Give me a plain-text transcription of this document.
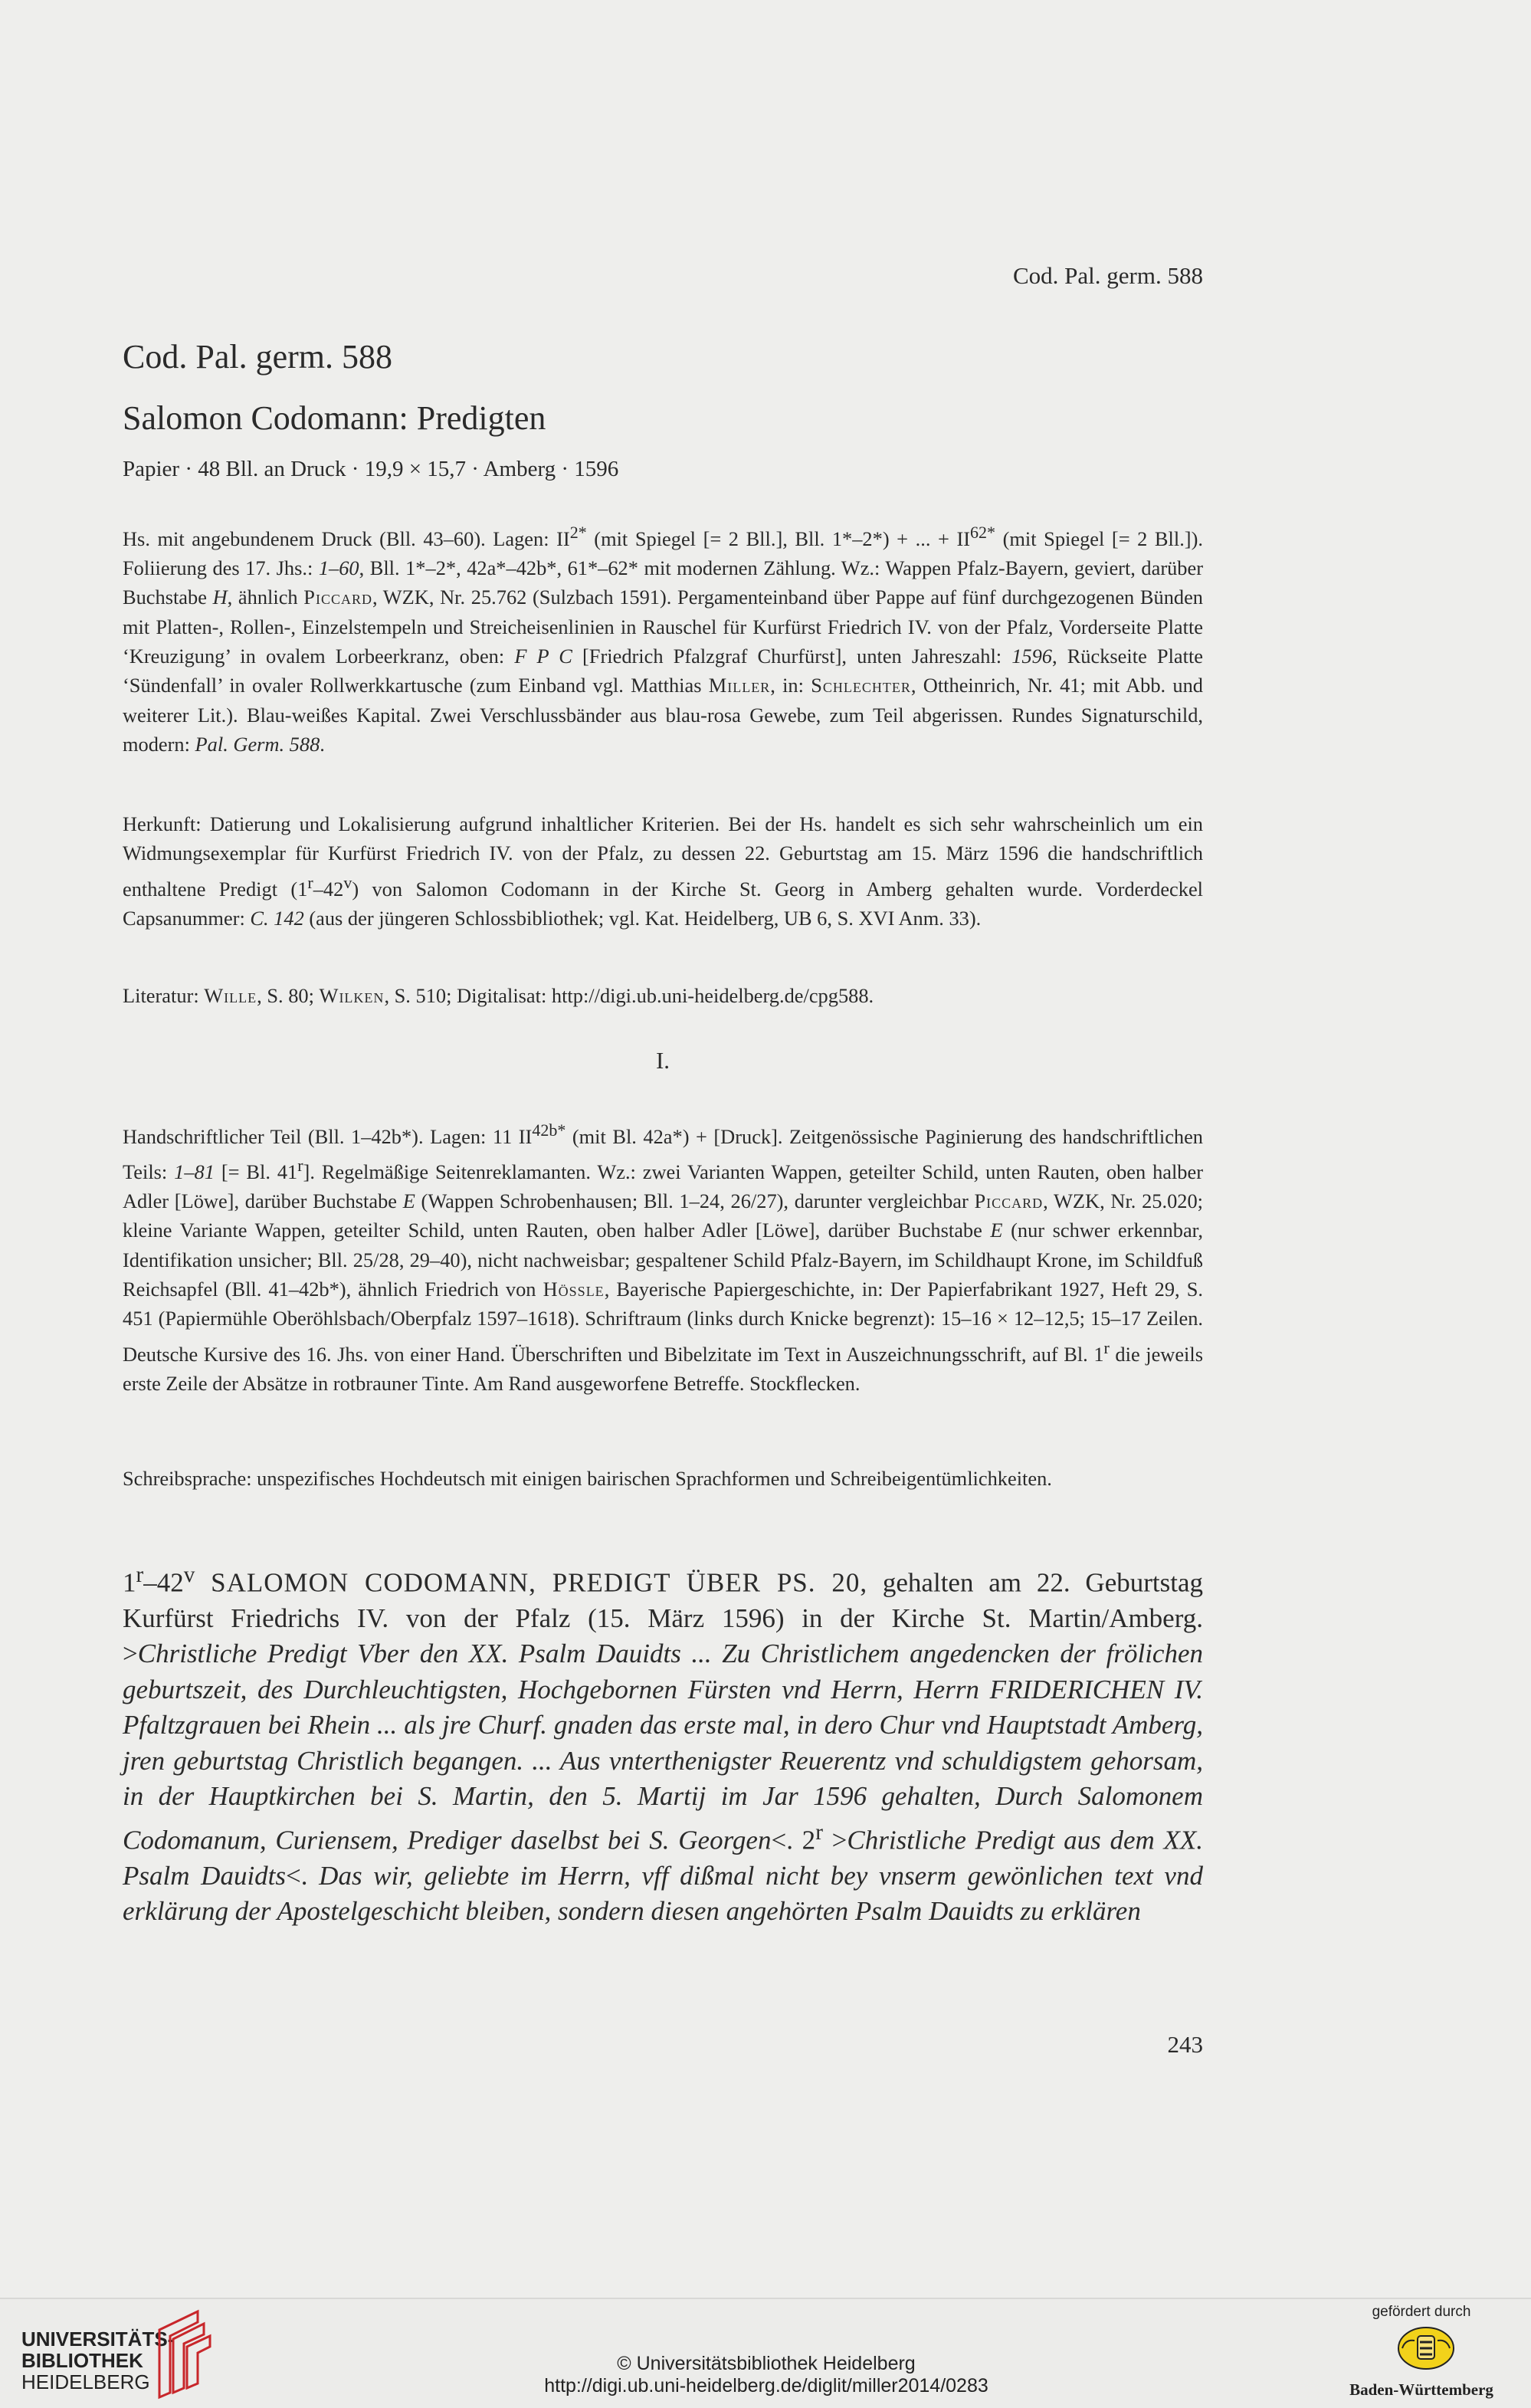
Cod. Pal. germ. 588
Cod. Pal. germ. 588
Salomon Codomann: Predigten
Papier · 48 Bll. an Druck · 19,9 × 15,7 · Amberg · 1596

Hs. mit angebundenem Druck (Bll. 43–60). Lagen: $II^{2*}$ (mit Spiegel [= 2 Bll.], Bll. 1*–2*) + ... + $II^{62*}$ (mit Spiegel [= 2 Bll.]). Foliierung des 17. Jhs.: 1–60, Bll. 1*–2*, 42a*–42b*, 61*–62* mit modernen Zählung. Wz.: Wappen Pfalz-Bayern, geviert, darüber Buchstabe H, ähnlich Piccard, WZK, Nr. 25.762 (Sulzbach 1591). Pergamenteinband über Pappe auf fünf durchgezogenen Bünden mit Platten-, Rollen-, Einzelstempeln und Streicheisenlinien in Rauschel für Kurfürst Friedrich IV. von der Pfalz, Vorderseite Platte ‘Kreuzigung’ in ovalem Lorbeerkranz, oben: F P C [Friedrich Pfalzgraf Churfürst], unten Jahreszahl: 1596, Rückseite Platte ‘Sündenfall’ in ovaler Rollwerkkartusche (zum Einband vgl. Matthias Miller, in: Schlechter, Ottheinrich, Nr. 41; mit Abb. und weiterer Lit.). Blau-weißes Kapital. Zwei Verschlussbänder aus blau-rosa Gewebe, zum Teil abgerissen. Rundes Signaturschild, modern: Pal. Germ. 588.

Herkunft: Datierung und Lokalisierung aufgrund inhaltlicher Kriterien. Bei der Hs. handelt es sich sehr wahrscheinlich um ein Widmungsexemplar für Kurfürst Friedrich IV. von der Pfalz, zu dessen 22. Geburtstag am 15. März 1596 die handschriftlich enthaltene Predigt (1$^r$–42$^v$) von Salomon Codomann in der Kirche St. Georg in Amberg gehalten wurde. Vorderdeckel Capsanummer: C. 142 (aus der jüngeren Schlossbibliothek; vgl. Kat. Heidelberg, UB 6, S. XVI Anm. 33).

Literatur: Wille, S. 80; Wilken, S. 510; Digitalisat: http://digi.ub.uni-heidelberg.de/cpg588.

I.

Handschriftlicher Teil (Bll. 1–42b*). Lagen: 11 $II^{42b*}$ (mit Bl. 42a*) + [Druck]. Zeitgenössische Paginierung des handschriftlichen Teils: 1–81 [= Bl. 41$^r$]. Regelmäßige Seitenreklamanten. Wz.: zwei Varianten Wappen, geteilter Schild, unten Rauten, oben halber Adler [Löwe], darüber Buchstabe E (Wappen Schrobenhausen; Bll. 1–24, 26/27), darunter vergleichbar Piccard, WZK, Nr. 25.020; kleine Variante Wappen, geteilter Schild, unten Rauten, oben halber Adler [Löwe], darüber Buchstabe E (nur schwer erkennbar, Identifikation unsicher; Bll. 25/28, 29–40), nicht nachweisbar; gespaltener Schild Pfalz-Bayern, im Schildhaupt Krone, im Schildfuß Reichsapfel (Bll. 41–42b*), ähnlich Friedrich von Hössle, Bayerische Papiergeschichte, in: Der Papierfabrikant 1927, Heft 29, S. 451 (Papiermühle Oberöhlsbach/Oberpfalz 1597–1618). Schriftraum (links durch Knicke begrenzt): 15–16 × 12–12,5; 15–17 Zeilen. Deutsche Kursive des 16. Jhs. von einer Hand. Überschriften und Bibelzitate im Text in Auszeichnungsschrift, auf Bl. 1$^r$ die jeweils erste Zeile der Absätze in rotbrauner Tinte. Am Rand ausgeworfene Betreffe. Stockflecken.

Schreibsprache: unspezifisches Hochdeutsch mit einigen bairischen Sprachformen und Schreibeigentümlichkeiten.

1$^r$–42$^v$ SALOMON CODOMANN, PREDIGT ÜBER PS. 20, gehalten am 22. Geburtstag Kurfürst Friedrichs IV. von der Pfalz (15. März 1596) in der Kirche St. Martin/Amberg. >Christliche Predigt Vber den XX. Psalm Dauidts ... Zu Christlichem angedencken der frölichen geburtszeit, des Durchleuchtigsten, Hochgebornen Fürsten vnd Herrn, Herrn FRIDERICHEN IV. Pfaltzgrauen bei Rhein ... als jre Churf. gnaden das erste mal, in dero Chur vnd Hauptstadt Amberg, jren geburtstag Christlich begangen. ... Aus vnterthenigster Reuerentz vnd schuldigstem gehorsam, in der Hauptkirchen bei S. Martin, den 5. Martij im Jar 1596 gehalten, Durch Salomonem Codomanum, Curiensem, Prediger daselbst bei S. Georgen<. $2^r$ >Christliche Predigt aus dem XX. Psalm Dauidts<. Das wir, geliebte im Herrn, vff dißmal nicht bey vnserm gewönlichen text vnd erklärung der Apostelgeschicht bleiben, sondern diesen angehörten Psalm Dauidts zu erklären

243
UNIVERSITÄTS-
BIBLIOTHEK
HEIDELBERG
© Universitätsbibliothek Heidelberg
http://digi.ub.uni-heidelberg.de/diglit/miller2014/0283
gefördert durch
Baden-Württemberg
